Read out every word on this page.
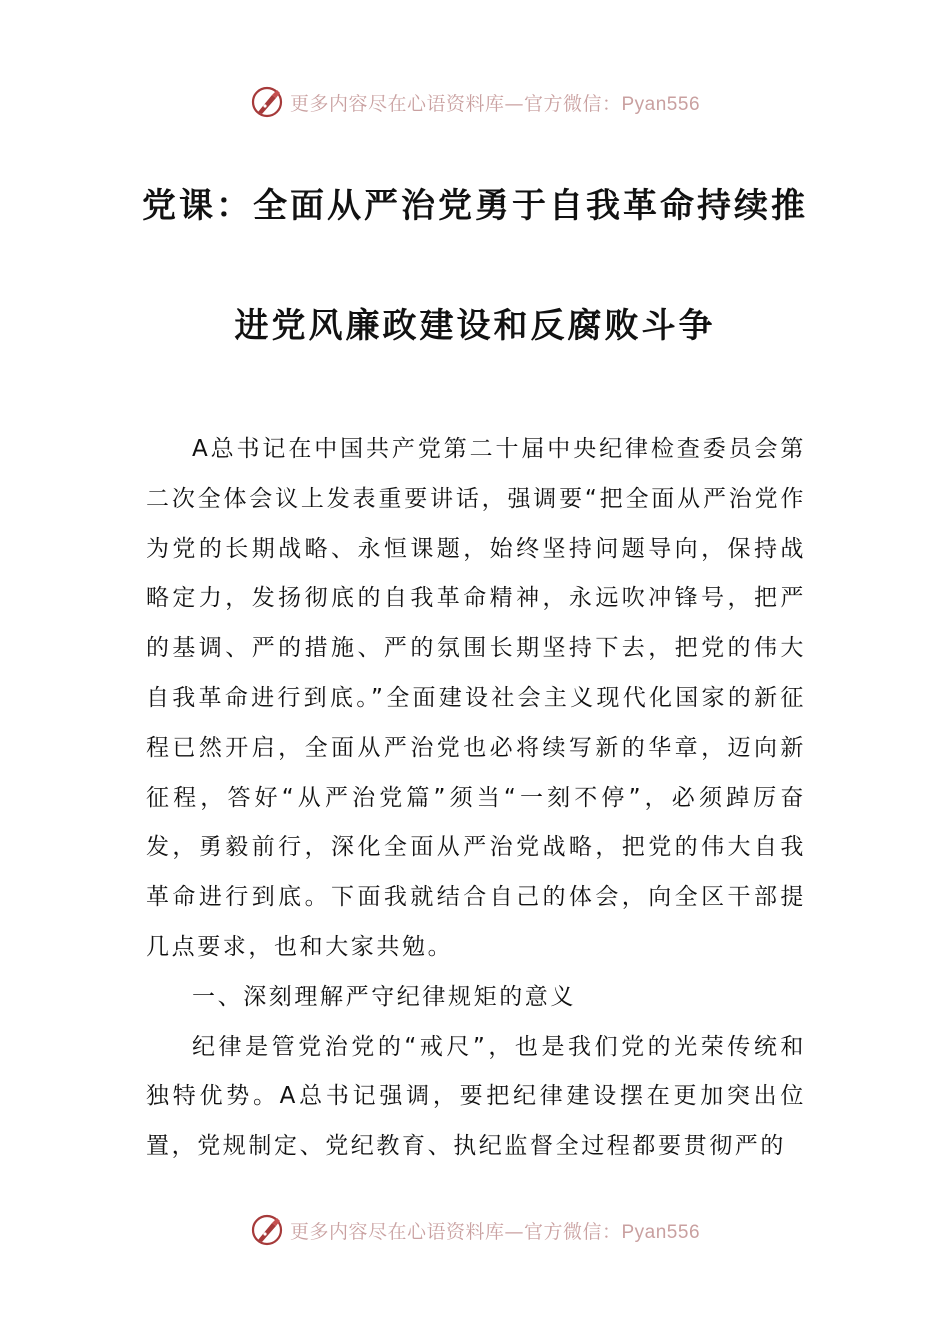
更多内容尽在心语资料库—官方微信：Pyan556
党课：全面从严治党勇于自我革命持续推
进党风廉政建设和反腐败斗争

A总书记在中国共产党第二十届中央纪律检查委员会第二次全体会议上发表重要讲话，强调要“把全面从严治党作为党的长期战略、永恒课题，始终坚持问题导向，保持战略定力，发扬彻底的自我革命精神，永远吹冲锋号，把严的基调、严的措施、严的氛围长期坚持下去，把党的伟大自我革命进行到底。”全面建设社会主义现代化国家的新征程已然开启，全面从严治党也必将续写新的华章，迈向新征程，答好“从严治党篇”须当“一刻不停”，必须踔厉奋发，勇毅前行，深化全面从严治党战略，把党的伟大自我革命进行到底。下面我就结合自己的体会，向全区干部提几点要求，也和大家共勉。

一、深刻理解严守纪律规矩的意义

纪律是管党治党的“戒尺”，也是我们党的光荣传统和独特优势。A总书记强调，要把纪律建设摆在更加突出位置，党规制定、党纪教育、执纪监督全过程都要贯彻严的

更多内容尽在心语资料库—官方微信：Pyan556
